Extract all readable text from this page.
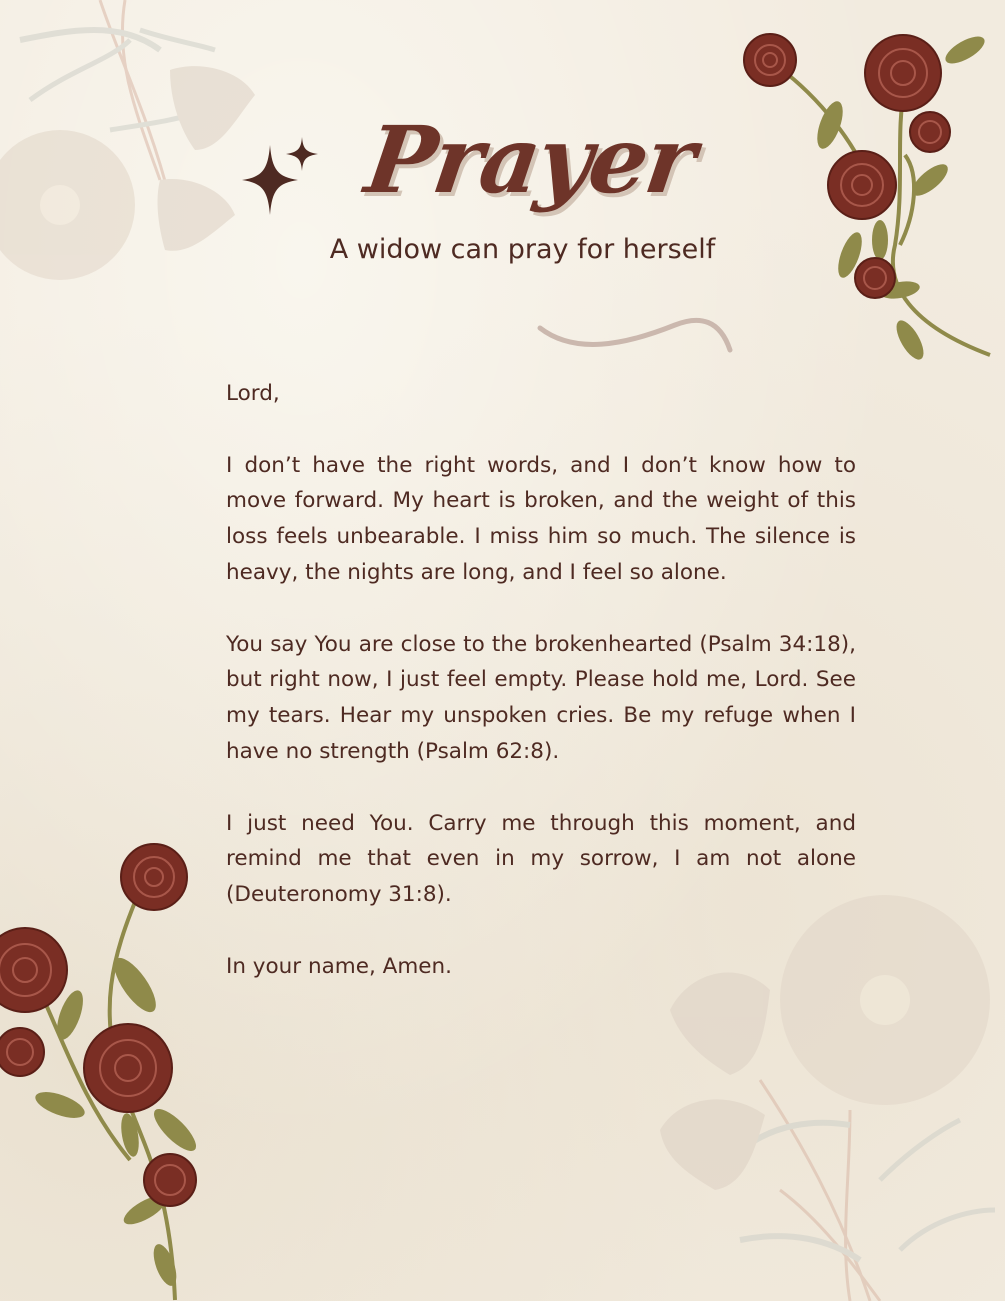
Prayer
A widow can pray for herself

Lord,

I don’t have the right words, and I don’t know how to move forward. My heart is broken, and the weight of this loss feels unbearable. I miss him so much. The silence is heavy, the nights are long, and I feel so alone.

You say You are close to the brokenhearted (Psalm 34:18), but right now, I just feel empty. Please hold me, Lord. See my tears. Hear my unspoken cries. Be my refuge when I have no strength (Psalm 62:8).

I just need You. Carry me through this moment, and remind me that even in my sorrow, I am not alone (Deuteronomy 31:8).

In your name, Amen.
